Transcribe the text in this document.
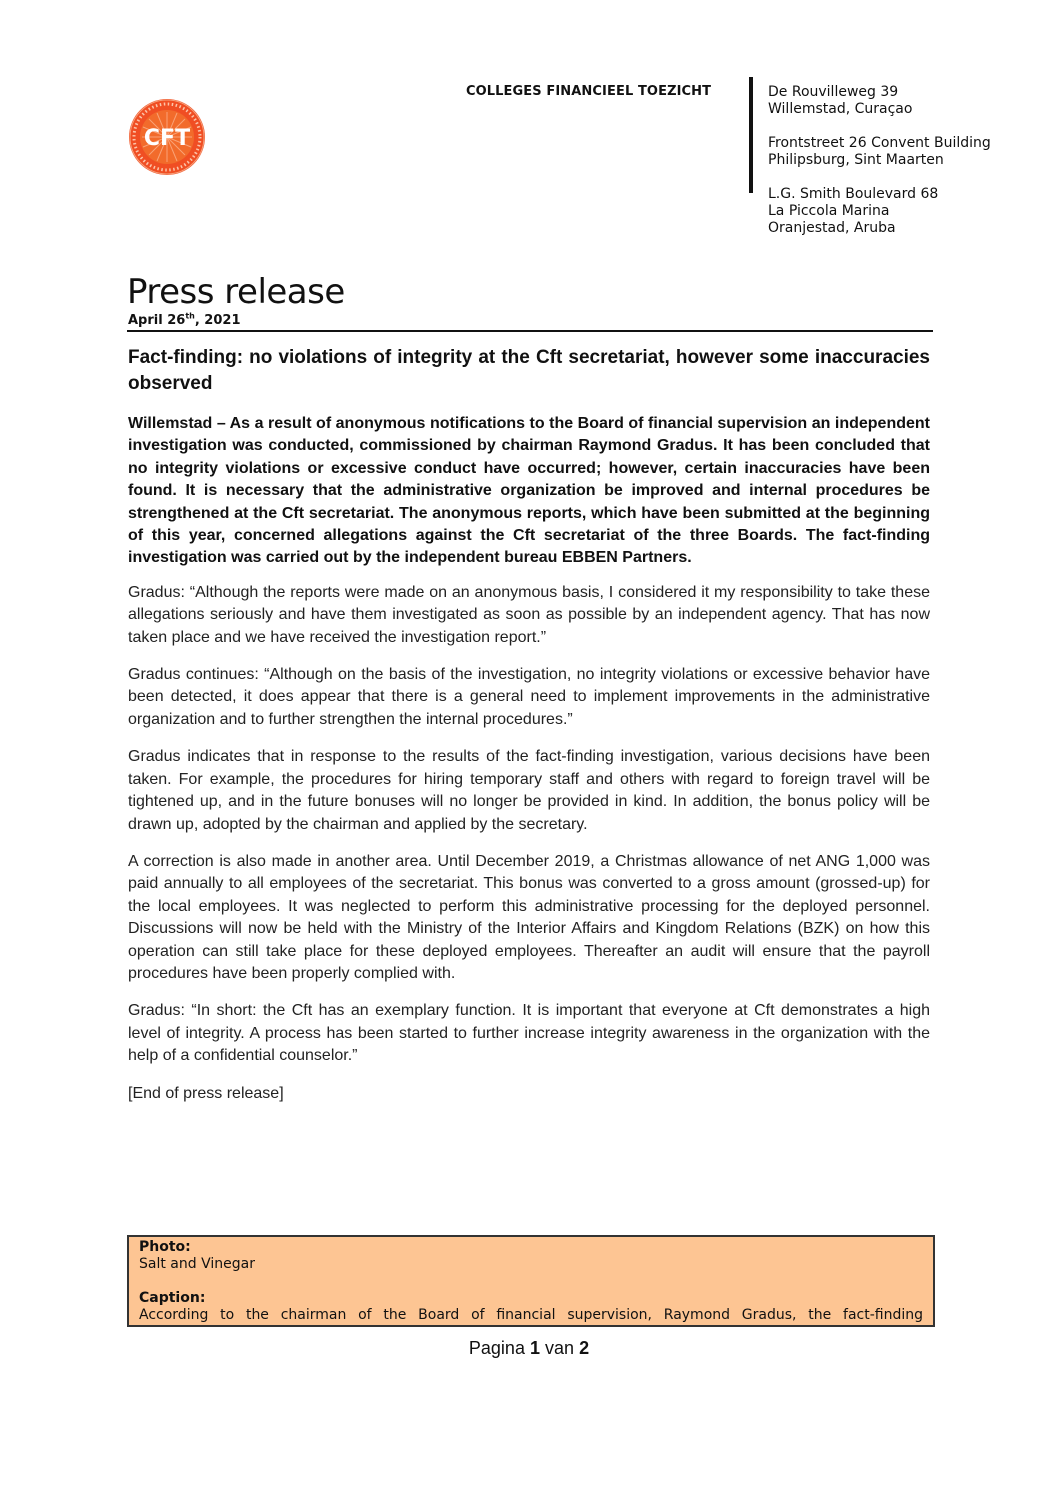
CFT
COLLEGES FINANCIEEL TOEZICHT	De Rouvilleweg 39
Willemstad, Curaçao
Frontstreet 26 Convent Building
Philipsburg, Sint Maarten
L.G. Smith Boulevard 68
La Piccola Marina
Oranjestad, Aruba
Press release
April 26th, 2021

Fact-finding: no violations of integrity at the Cft secretariat, however some inaccuracies observed

Willemstad – As a result of anonymous notifications to the Board of financial supervision an independent investigation was conducted, commissioned by chairman Raymond Gradus. It has been concluded that no integrity violations or excessive conduct have occurred; however, certain inaccuracies have been found. It is necessary that the administrative organization be improved and internal procedures be strengthened at the Cft secretariat. The anonymous reports, which have been submitted at the beginning of this year, concerned allegations against the Cft secretariat of the three Boards. The fact-finding investigation was carried out by the independent bureau EBBEN Partners.

Gradus: “Although the reports were made on an anonymous basis, I considered it my responsibility to take these allegations seriously and have them investigated as soon as possible by an independent agency. That has now taken place and we have received the investigation report.”

Gradus continues: “Although on the basis of the investigation, no integrity violations or excessive behavior have been detected, it does appear that there is a general need to implement improvements in the administrative organization and to further strengthen the internal procedures.”

Gradus indicates that in response to the results of the fact-finding investigation, various decisions have been taken. For example, the procedures for hiring temporary staff and others with regard to foreign travel will be tightened up, and in the future bonuses will no longer be provided in kind. In addition, the bonus policy will be drawn up, adopted by the chairman and applied by the secretary.

A correction is also made in another area. Until December 2019, a Christmas allowance of net ANG 1,000 was paid annually to all employees of the secretariat. This bonus was converted to a gross amount (grossed-up) for the local employees. It was neglected to perform this administrative processing for the deployed personnel. Discussions will now be held with the Ministry of the Interior Affairs and Kingdom Relations (BZK) on how this operation can still take place for these deployed employees. Thereafter an audit will ensure that the payroll procedures have been properly complied with.

Gradus: “In short: the Cft has an exemplary function. It is important that everyone at Cft demonstrates a high level of integrity. A process has been started to further increase integrity awareness in the organization with the help of a confidential counselor.”

[End of press release]

Photo:
Salt and Vinegar
Caption:
According to the chairman of the Board of financial supervision, Raymond Gradus, the fact-finding
Pagina 1 van 2
